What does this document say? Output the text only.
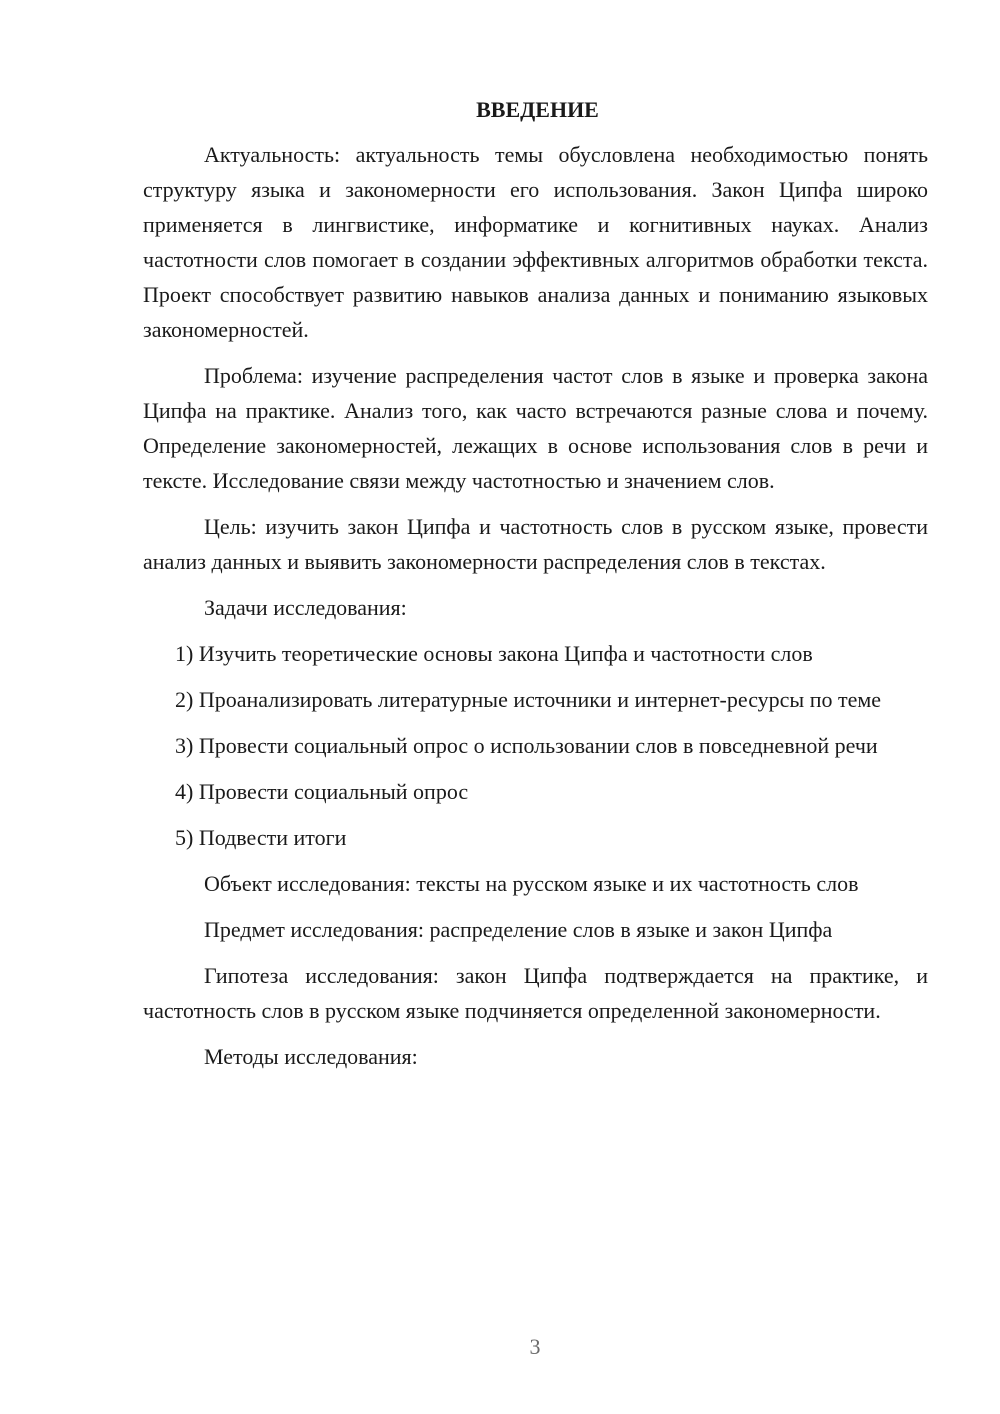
ВВЕДЕНИЕ

Актуальность: актуальность темы обусловлена необходимостью понять структуру языка и закономерности его использования. Закон Ципфа широко применяется в лингвистике, информатике и когнитивных науках. Анализ частотности слов помогает в создании эффективных алгоритмов обработки текста. Проект способствует развитию навыков анализа данных и пониманию языковых закономерностей.

Проблема: изучение распределения частот слов в языке и проверка закона Ципфа на практике. Анализ того, как часто встречаются разные слова и почему. Определение закономерностей, лежащих в основе использования слов в речи и тексте. Исследование связи между частотностью и значением слов.

Цель: изучить закон Ципфа и частотность слов в русском языке, провести анализ данных и выявить закономерности распределения слов в текстах.

Задачи исследования:

1) Изучить теоретические основы закона Ципфа и частотности слов

2) Проанализировать литературные источники и интернет-ресурсы по теме

3) Провести социальный опрос о использовании слов в повседневной речи

4) Провести социальный опрос

5) Подвести итоги

Объект исследования: тексты на русском языке и их частотность слов

Предмет исследования: распределение слов в языке и закон Ципфа

Гипотеза исследования: закон Ципфа подтверждается на практике, и частотность слов в русском языке подчиняется определенной закономерности.

Методы исследования:

3
